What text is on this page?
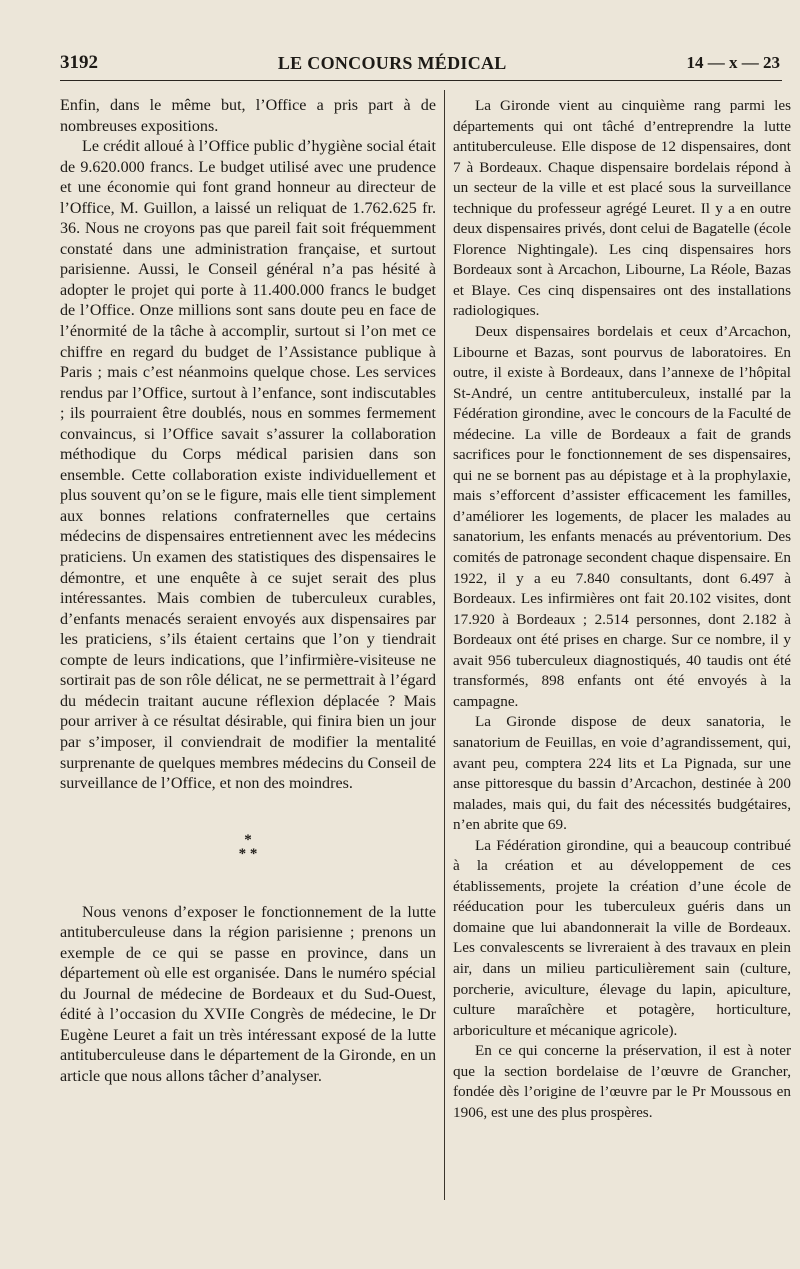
3192	LE CONCOURS MÉDICAL	14 — x — 23

Enfin, dans le même but, l’Office a pris part à de nombreuses expositions.

Le crédit alloué à l’Office public d’hygiène social était de 9.620.000 francs. Le budget utilisé avec une prudence et une économie qui font grand honneur au directeur de l’Office, M. Guillon, a laissé un reliquat de 1.762.625 fr. 36. Nous ne croyons pas que pareil fait soit fréquemment constaté dans une administration française, et surtout parisienne. Aussi, le Conseil général n’a pas hésité à adopter le projet qui porte à 11.400.000 francs le budget de l’Office. Onze millions sont sans doute peu en face de l’énormité de la tâche à accomplir, surtout si l’on met ce chiffre en regard du budget de l’Assistance publique à Paris ; mais c’est néanmoins quelque chose. Les services rendus par l’Office, surtout à l’enfance, sont indiscutables ; ils pourraient être doublés, nous en sommes fermement convaincus, si l’Office savait s’assurer la collaboration méthodique du Corps médical parisien dans son ensemble. Cette collaboration existe individuellement et plus souvent qu’on se le figure, mais elle tient simplement aux bonnes relations confraternelles que certains médecins de dispensaires entretiennent avec les médecins praticiens. Un examen des statistiques des dispensaires le démontre, et une enquête à ce sujet serait des plus intéressantes. Mais combien de tuberculeux curables, d’enfants menacés seraient envoyés aux dispensaires par les praticiens, s’ils étaient certains que l’on y tiendrait compte de leurs indications, que l’infirmière-visiteuse ne sortirait pas de son rôle délicat, ne se permettrait à l’égard du médecin traitant aucune réflexion déplacée ? Mais pour arriver à ce résultat désirable, qui finira bien un jour par s’imposer, il conviendrait de modifier la mentalité surprenante de quelques membres médecins du Conseil de surveillance de l’Office, et non des moindres.

*
* *

Nous venons d’exposer le fonctionnement de la lutte antituberculeuse dans la région parisienne ; prenons un exemple de ce qui se passe en province, dans un département où elle est organisée. Dans le numéro spécial du Journal de médecine de Bordeaux et du Sud-Ouest, édité à l’occasion du XVIIe Congrès de médecine, le Dr Eugène Leuret a fait un très intéressant exposé de la lutte antituberculeuse dans le département de la Gironde, en un article que nous allons tâcher d’analyser.

La Gironde vient au cinquième rang parmi les départements qui ont tâché d’entreprendre la lutte antituberculeuse. Elle dispose de 12 dispensaires, dont 7 à Bordeaux. Chaque dispensaire bordelais répond à un secteur de la ville et est placé sous la surveillance technique du professeur agrégé Leuret. Il y a en outre deux dispensaires privés, dont celui de Bagatelle (école Florence Nightingale). Les cinq dispensaires hors Bordeaux sont à Arcachon, Libourne, La Réole, Bazas et Blaye. Ces cinq dispensaires ont des installations radiologiques.

Deux dispensaires bordelais et ceux d’Arcachon, Libourne et Bazas, sont pourvus de laboratoires. En outre, il existe à Bordeaux, dans l’annexe de l’hôpital St-André, un centre antituberculeux, installé par la Fédération girondine, avec le concours de la Faculté de médecine. La ville de Bordeaux a fait de grands sacrifices pour le fonctionnement de ses dispensaires, qui ne se bornent pas au dépistage et à la prophylaxie, mais s’efforcent d’assister efficacement les familles, d’améliorer les logements, de placer les malades au sanatorium, les enfants menacés au préventorium. Des comités de patronage secondent chaque dispensaire. En 1922, il y a eu 7.840 consultants, dont 6.497 à Bordeaux. Les infirmières ont fait 20.102 visites, dont 17.920 à Bordeaux ; 2.514 personnes, dont 2.182 à Bordeaux ont été prises en charge. Sur ce nombre, il y avait 956 tuberculeux diagnostiqués, 40 taudis ont été transformés, 898 enfants ont été envoyés à la campagne.

La Gironde dispose de deux sanatoria, le sanatorium de Feuillas, en voie d’agrandissement, qui, avant peu, comptera 224 lits et La Pignada, sur une anse pittoresque du bassin d’Arcachon, destinée à 200 malades, mais qui, du fait des nécessités budgétaires, n’en abrite que 69.

La Fédération girondine, qui a beaucoup contribué à la création et au développement de ces établissements, projete la création d’une école de rééducation pour les tuberculeux guéris dans un domaine que lui abandonnerait la ville de Bordeaux. Les convalescents se livreraient à des travaux en plein air, dans un milieu particulièrement sain (culture, porcherie, aviculture, élevage du lapin, apiculture, culture maraîchère et potagère, horticulture, arboriculture et mécanique agricole).

En ce qui concerne la préservation, il est à noter que la section bordelaise de l’œuvre de Grancher, fondée dès l’origine de l’œuvre par le Pr Moussous en 1906, est une des plus prospères.
